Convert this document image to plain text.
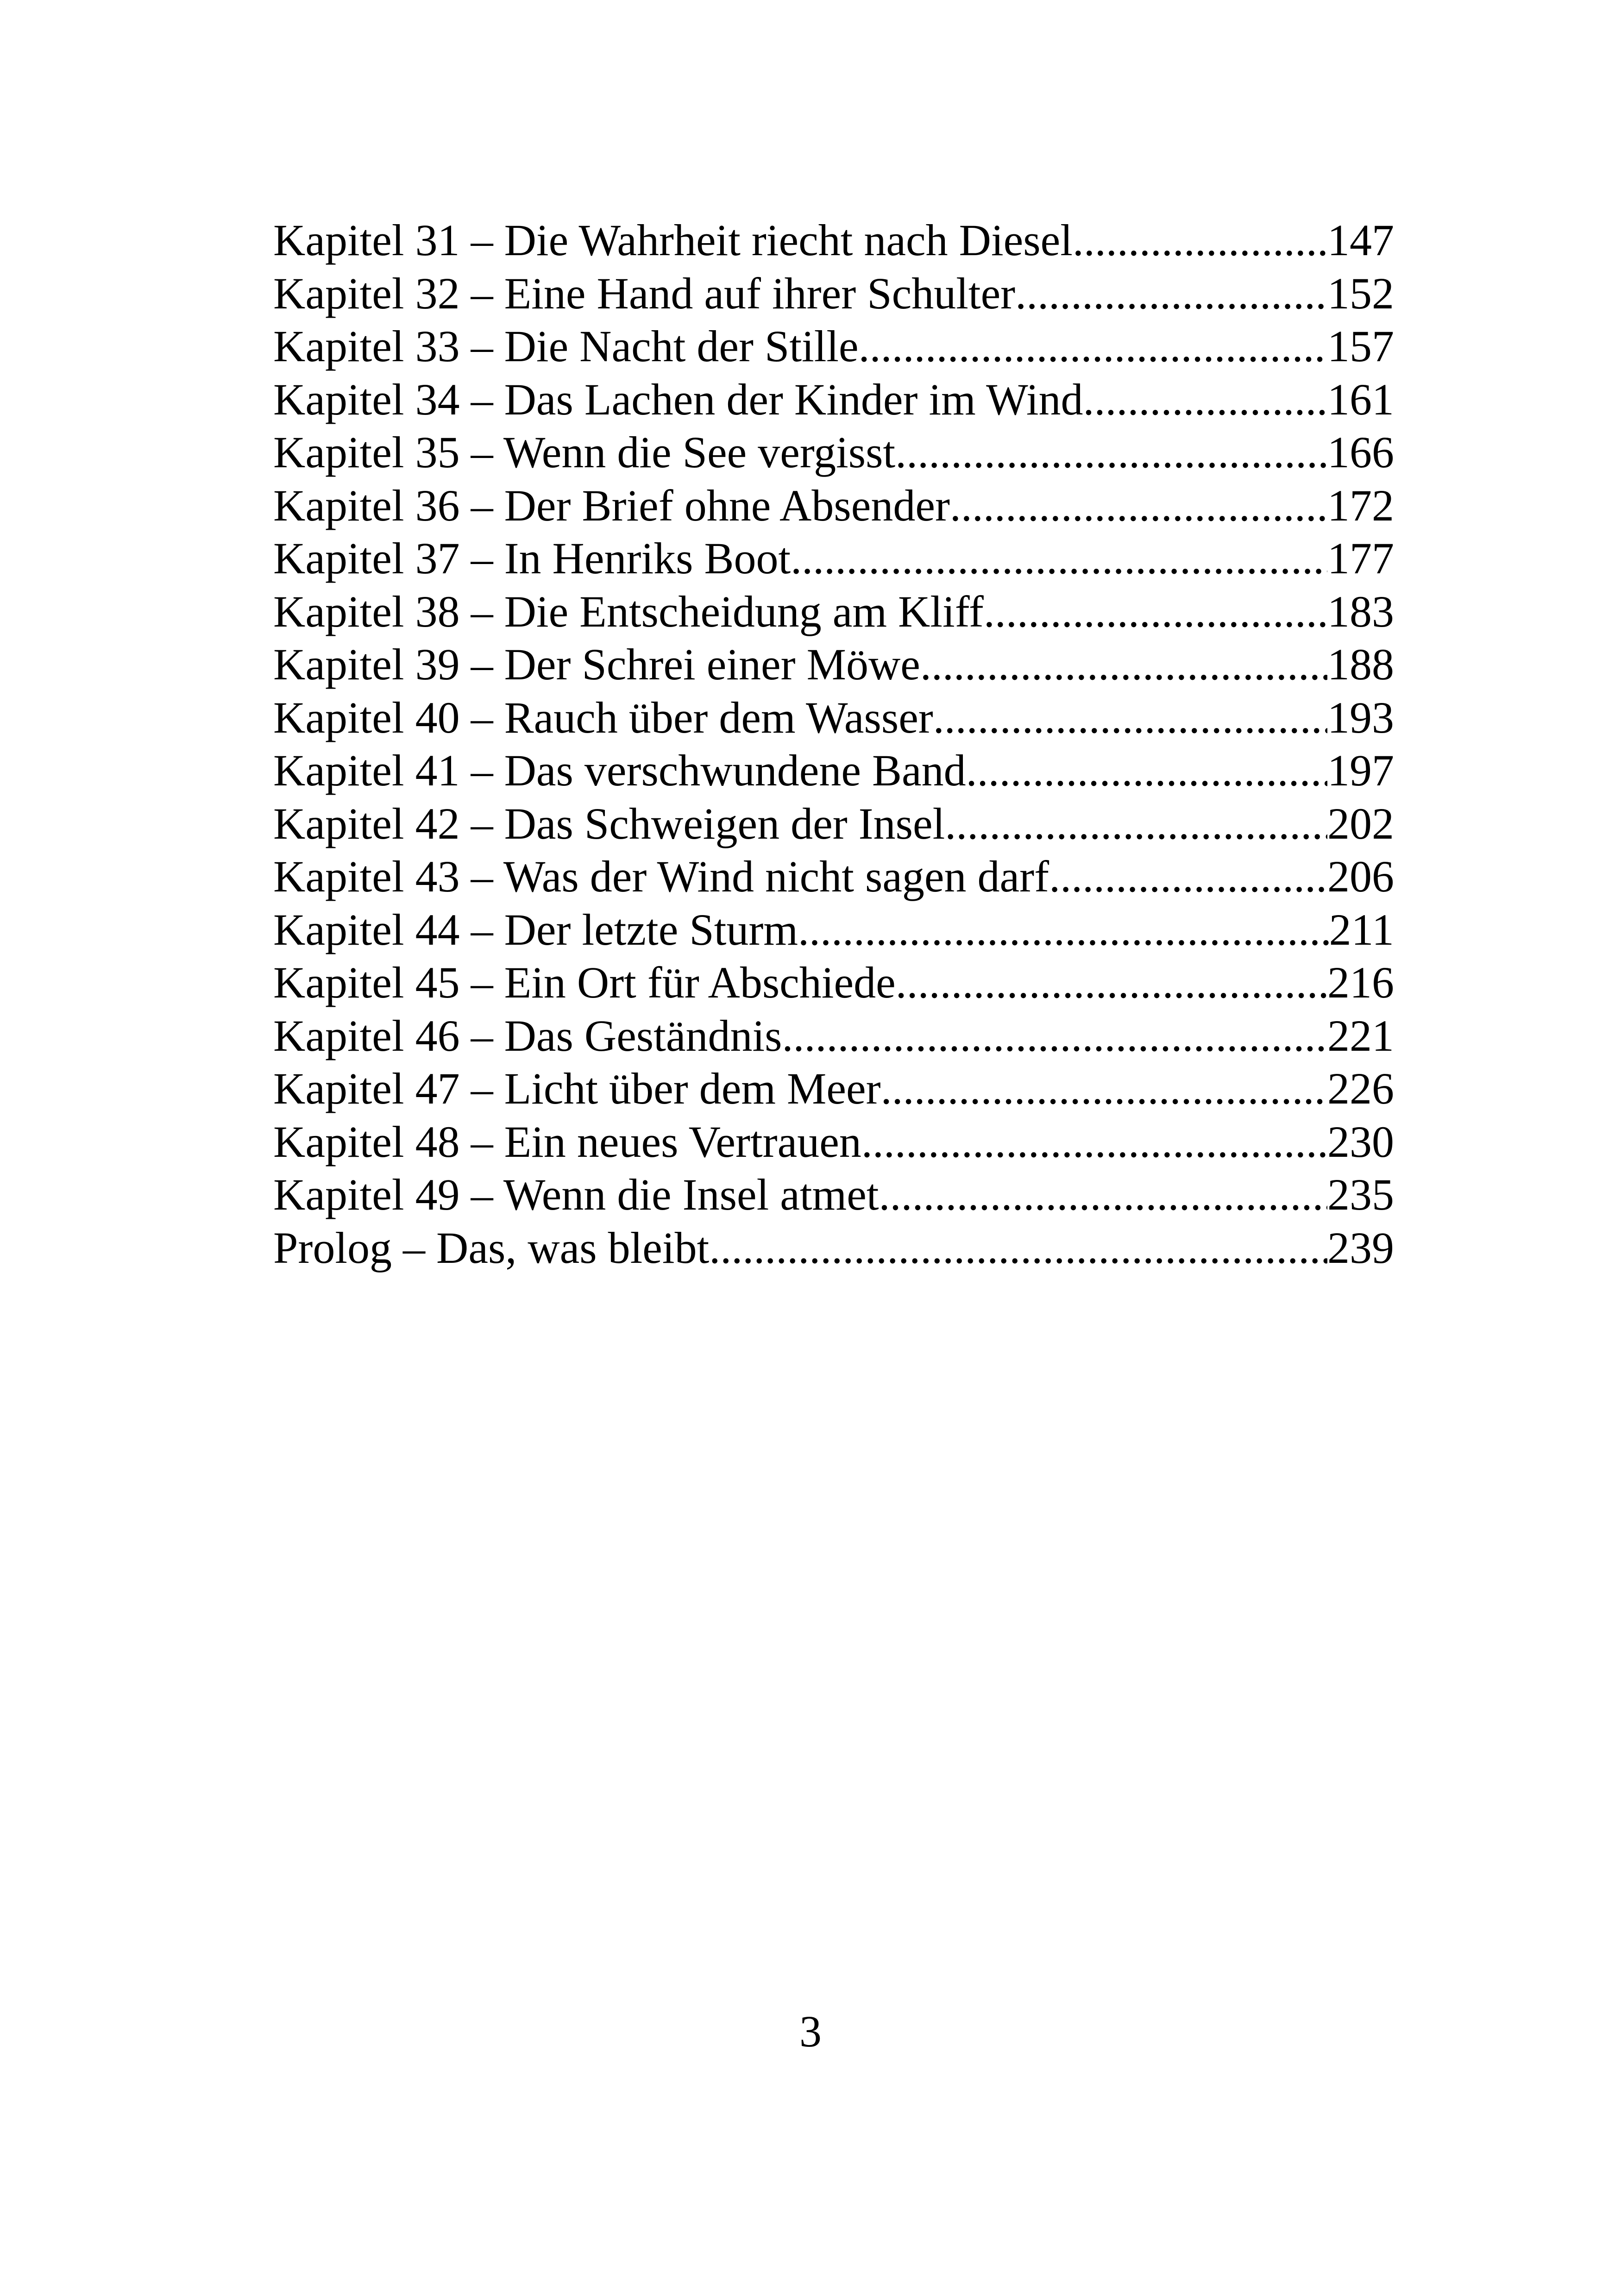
Kapitel 31 – Die Wahrheit riecht nach Diesel .....	147
Kapitel 32 – Eine Hand auf ihrer Schulter .....	152
Kapitel 33 – Die Nacht der Stille .....	157
Kapitel 34 – Das Lachen der Kinder im Wind .....	161
Kapitel 35 – Wenn die See vergisst .....	166
Kapitel 36 – Der Brief ohne Absender .....	172
Kapitel 37 – In Henriks Boot .....	177
Kapitel 38 – Die Entscheidung am Kliff .....	183
Kapitel 39 – Der Schrei einer Möwe .....	188
Kapitel 40 – Rauch über dem Wasser .....	193
Kapitel 41 – Das verschwundene Band .....	197
Kapitel 42 – Das Schweigen der Insel .....	202
Kapitel 43 – Was der Wind nicht sagen darf .....	206
Kapitel 44 – Der letzte Sturm .....	211
Kapitel 45 – Ein Ort für Abschiede .....	216
Kapitel 46 – Das Geständnis .....	221
Kapitel 47 – Licht über dem Meer .....	226
Kapitel 48 – Ein neues Vertrauen .....	230
Kapitel 49 – Wenn die Insel atmet .....	235
Prolog – Das, was bleibt .....	239
3
